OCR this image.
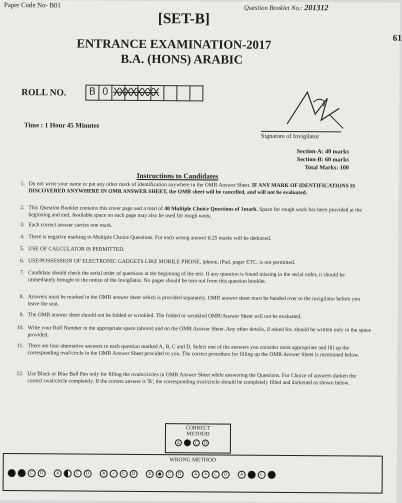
Paper Code No- B01	Question Booklet No.: 201312
61
[SET-B]
ENTRANCE EXAMINATION-2017
B.A. (HONS) ARABIC
ROLL NO.	B 0 XXXXXXXX
Signature of Invigilator
Time : 1 Hour 45 Minutes
Section-A: 40 marks
Section-B: 60 marks
Total Marks: 100
Instructions to Candidates
1. Do not write your name or put any other mark of identification anywhere in the OMR Answer Sheet. IF ANY MARK OF IDENTIFICATIONS IS DISCOVERED ANYWHERE IN OMR ANSWER SHEET, the OMR sheet will be cancelled, and will not be evaluated.
2. This Question Booklet contains this cover page and a total of 40 Multiple Choice Questions of 1mark. Space for rough work has been provided at the beginning and end. Available space on each page may also be used for rough work.
3. Each correct answer carries one mark.
4. There is negative marking in Multiple Choice Questions. For each wrong answer 0.25 marks will be deducted.
5. USE OF CALCULATOR IS PERMITTED.
6. USE/POSSESSION OF ELECTRONIC GADGETS LIKE MOBILE PHONE, iphone, iPad, pager ETC. is not permitted.
7. Candidate should check the serial order of questions at the beginning of the test. If any question is found missing in the serial order, it should be immediately brought to the notice of the Invigilator. No pages should be torn out from this question booklet.
8. Answers must be marked in the OMR answer sheet which is provided separately. OMR answer sheet must be handed over to the invigilator before you leave the seat.
9. The OMR answer sheet should not be folded or wrinkled. The folded or wrinkled OMR/Answer Sheet will not be evaluated.
10. Write your Roll Number in the appropriate space (above) and on the OMR Answer Sheet. Any other details, if asked for, should be written only in the space provided.
11. There are four alternative answers to each question marked A, B, C and D. Select one of the answers you consider most appropriate and fill up the corresponding oval/circle in the OMR Answer Sheet provided to you. The correct procedure for filling up the OMR Answer Sheet is mentioned below.
12. Use Black or Blue Ball Pen only for filling the ovals/circles in OMR Answer Sheet while answering the Questions. For Choice of answers darken the correct oval/circle completely. If the correct answer is 'B', the corresponding oval/circle should be completely filled and darkened as shown below.
CORRECT
METHOD
A	B	C	D
WRONG METHOD
C	D	A	C	D	A	✓	C	D	A	C	D	A	✕	C	D	A	C
